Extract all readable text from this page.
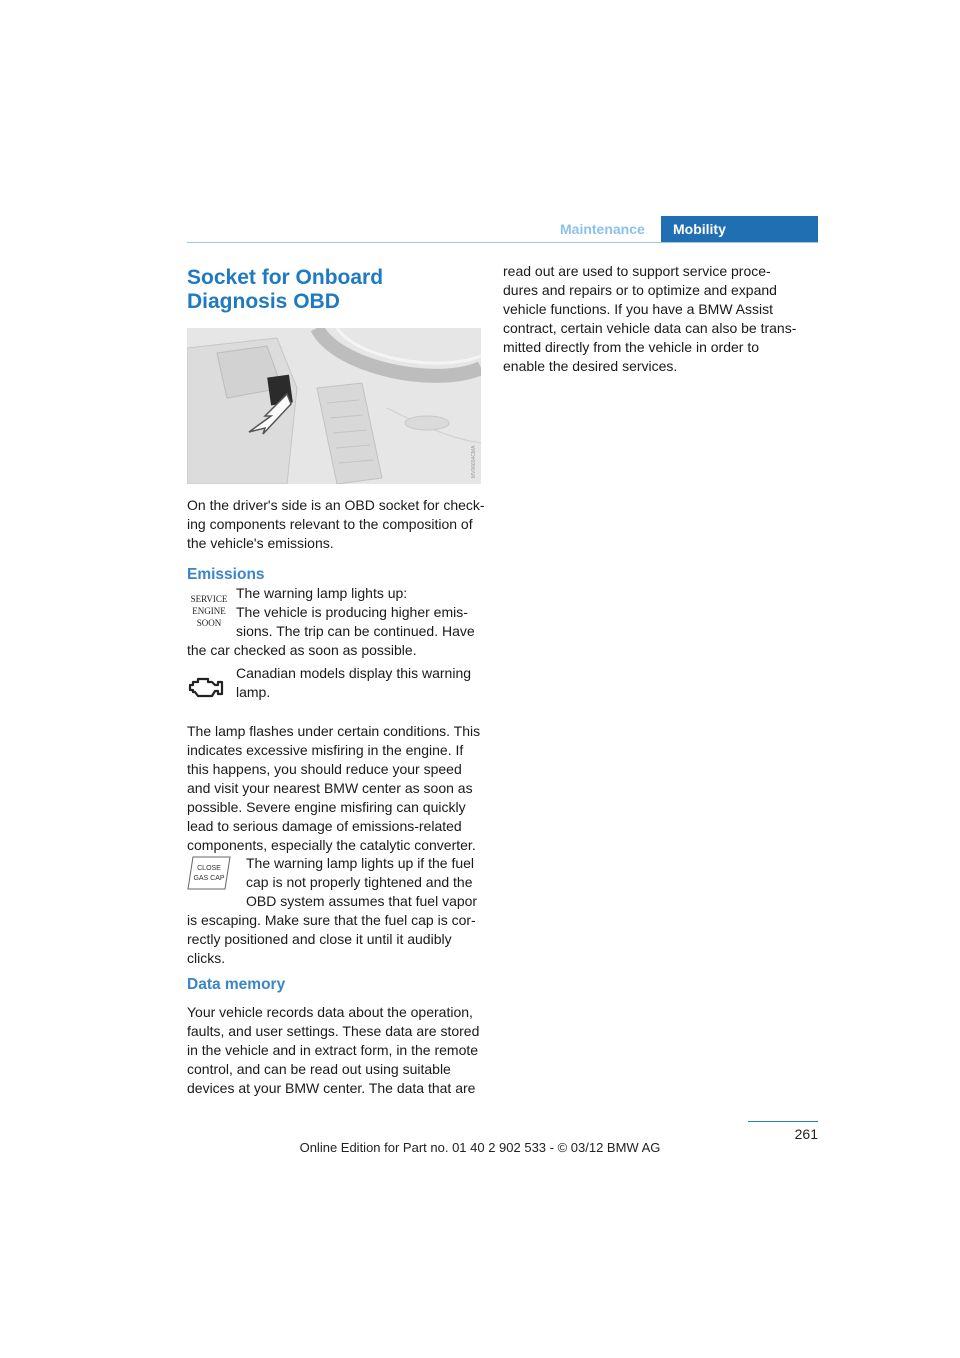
Maintenance	Mobility
Socket for Onboard
Diagnosis OBD
MV06654CMA

On the driver's side is an OBD socket for check-
ing components relevant to the composition of
the vehicle's emissions.

Emissions
SERVICE
ENGINE
SOON

The warning lamp lights up:
The vehicle is producing higher emis-
sions. The trip can be continued. Have

the car checked as soon as possible.

Canadian models display this warning
lamp.

The lamp flashes under certain conditions. This
indicates excessive misfiring in the engine. If
this happens, you should reduce your speed
and visit your nearest BMW center as soon as
possible. Severe engine misfiring can quickly
lead to serious damage of emissions-related
components, especially the catalytic converter.

CLOSE
GAS CAP

The warning lamp lights up if the fuel
cap is not properly tightened and the
OBD system assumes that fuel vapor

is escaping. Make sure that the fuel cap is cor-
rectly positioned and close it until it audibly
clicks.

Data memory

Your vehicle records data about the operation,
faults, and user settings. These data are stored
in the vehicle and in extract form, in the remote
control, and can be read out using suitable
devices at your BMW center. The data that are

read out are used to support service proce-
dures and repairs or to optimize and expand
vehicle functions. If you have a BMW Assist
contract, certain vehicle data can also be trans-
mitted directly from the vehicle in order to
enable the desired services.

261
Online Edition for Part no. 01 40 2 902 533 - © 03/12 BMW AG
